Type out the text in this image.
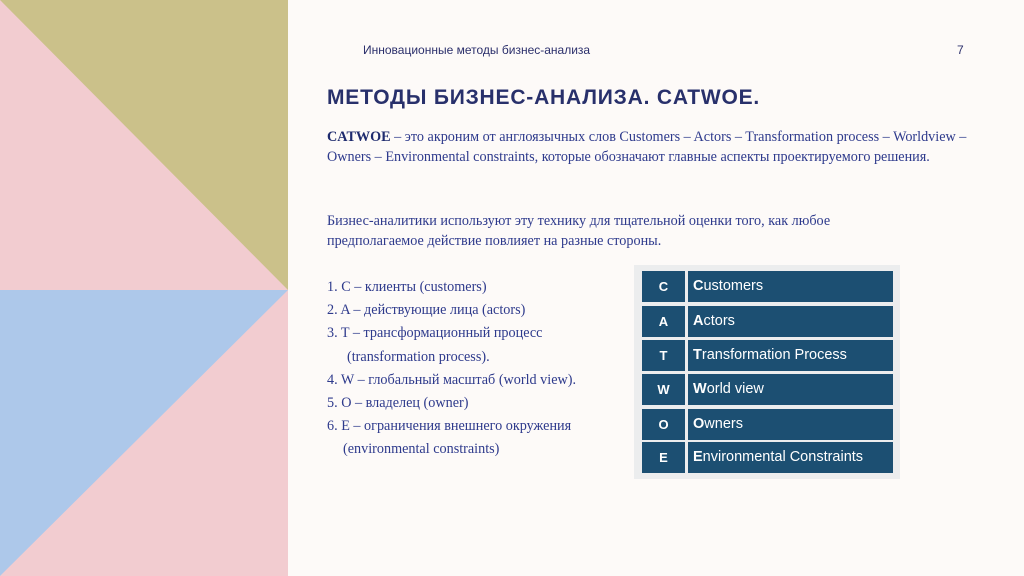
Инновационные методы бизнес-анализа	7
МЕТОДЫ БИЗНЕС-АНАЛИЗА. CATWOE.

CATWOE – это акроним от англоязычных слов Customers – Actors – Transformation process – Worldview – Owners – Environmental constraints, которые обозначают главные аспекты проектируемого решения.

Бизнес-аналитики используют эту технику для тщательной оценки того, как любое предполагаемое действие повлияет на разные стороны.

1. C – клиенты (customers)
2. A – действующие лица (actors)
3. T – трансформационный процесс
(transformation process).
4. W – глобальный масштаб (world view).
5. O – владелец (owner)
6. E – ограничения внешнего окружения
(environmental constraints)
C	Customers
A	Actors
T	Transformation Process
W	World view
O	Owners
E	Environmental Constraints
